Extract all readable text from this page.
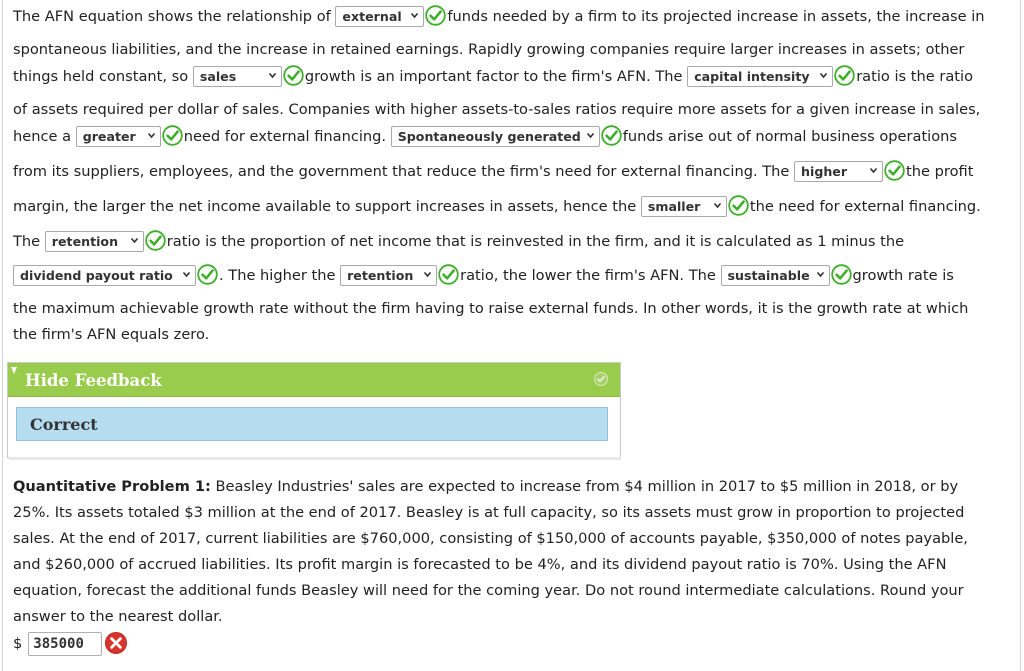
The AFN equation shows the relationship of external	funds needed by a firm to its projected increase in assets, the increase in
spontaneous liabilities, and the increase in retained earnings. Rapidly growing companies require larger increases in assets; other
things held constant, so sales	growth is an important factor to the firm's AFN. The capital intensity	ratio is the ratio
of assets required per dollar of sales. Companies with higher assets-to-sales ratios require more assets for a given increase in sales,
hence a greater	need for external financing. Spontaneously generated	funds arise out of normal business operations
from its suppliers, employees, and the government that reduce the firm's need for external financing. The higher	the profit
margin, the larger the net income available to support increases in assets, hence the smaller	the need for external financing.
The retention	ratio is the proportion of net income that is reinvested in the firm, and it is calculated as 1 minus the
dividend payout ratio	. The higher the retention	ratio, the lower the firm's AFN. The sustainable	growth rate is
the maximum achievable growth rate without the firm having to raise external funds. In other words, it is the growth rate at which
the firm's AFN equals zero.
Hide Feedback
Correct
Quantitative Problem 1: Beasley Industries' sales are expected to increase from $4 million in 2017 to $5 million in 2018, or by
25%. Its assets totaled $3 million at the end of 2017. Beasley is at full capacity, so its assets must grow in proportion to projected
sales. At the end of 2017, current liabilities are $760,000, consisting of $150,000 of accounts payable, $350,000 of notes payable,
and $260,000 of accrued liabilities. Its profit margin is forecasted to be 4%, and its dividend payout ratio is 70%. Using the AFN
equation, forecast the additional funds Beasley will need for the coming year. Do not round intermediate calculations. Round your
answer to the nearest dollar.
$ 385000
